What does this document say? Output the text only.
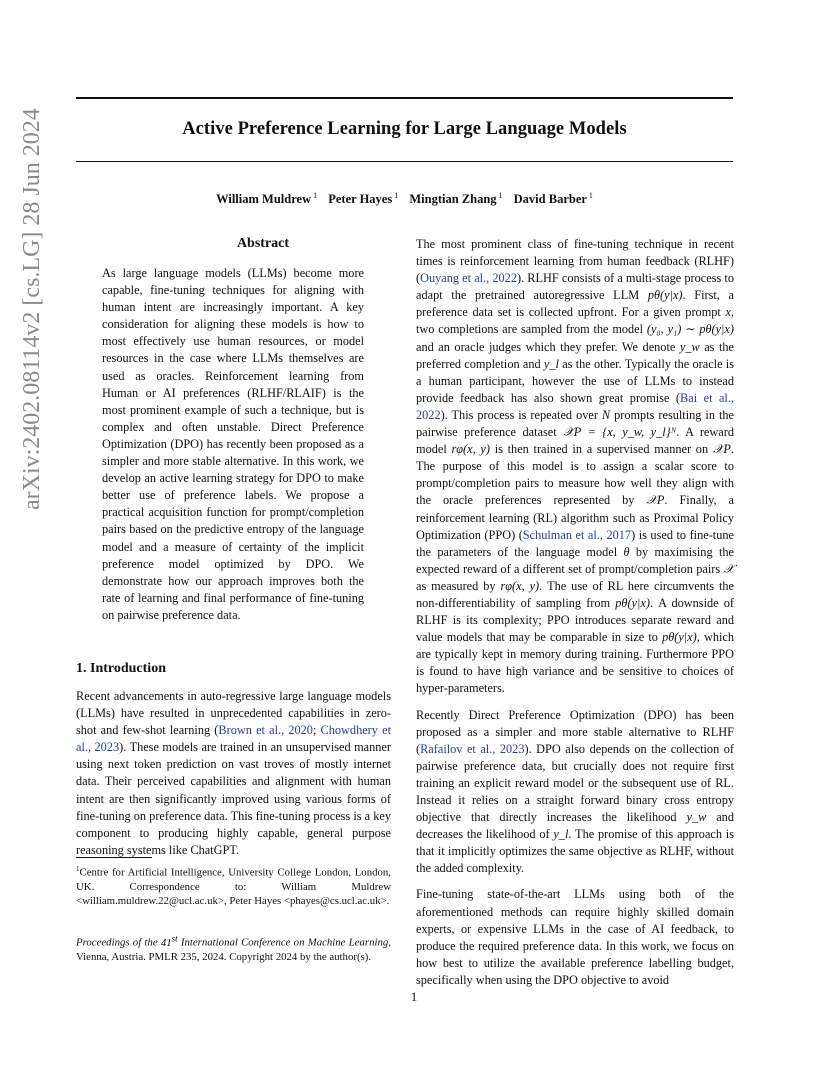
arXiv:2402.08114v2 [cs.LG] 28 Jun 2024	Active Preference Learning for Large Language Models
William Muldrew $^1$ Peter Hayes $^1$ Mingtian Zhang $^1$ David Barber $^1$
Abstract

As large language models (LLMs) become more capable, fine-tuning techniques for aligning with human intent are increasingly important. A key consideration for aligning these models is how to most effectively use human resources, or model resources in the case where LLMs themselves are used as oracles. Reinforcement learning from Human or AI preferences (RLHF/RLAIF) is the most prominent example of such a technique, but is complex and often unstable. Direct Preference Optimization (DPO) has recently been proposed as a simpler and more stable alternative. In this work, we develop an active learning strategy for DPO to make better use of preference labels. We propose a practical acquisition function for prompt/completion pairs based on the predictive entropy of the language model and a measure of certainty of the implicit preference model optimized by DPO. We demonstrate how our approach improves both the rate of learning and final performance of fine-tuning on pairwise preference data.

1. Introduction

Recent advancements in auto-regressive large language models (LLMs) have resulted in unprecedented capabilities in zero-shot and few-shot learning (Brown et al., 2020; Chowdhery et al., 2023). These models are trained in an unsupervised manner using next token prediction on vast troves of mostly internet data. Their perceived capabilities and alignment with human intent are then significantly improved using various forms of fine-tuning on preference data. This fine-tuning process is a key component to producing highly capable, general purpose reasoning systems like ChatGPT.

$^1$Centre for Artificial Intelligence, University College London, London, UK. Correspondence to: William Muldrew <william.muldrew.22@ucl.ac.uk>, Peter Hayes <phayes@cs.ucl.ac.uk>.
Proceedings of the 41st International Conference on Machine Learning, Vienna, Austria. PMLR 235, 2024. Copyright 2024 by the author(s).

The most prominent class of fine-tuning technique in recent times is reinforcement learning from human feedback (RLHF) (Ouyang et al., 2022). RLHF consists of a multi-stage process to adapt the pretrained autoregressive LLM pθ(y|x). First, a preference data set is collected upfront. For a given prompt x, two completions are sampled from the model (y₀, y₁) ∼ pθ(y|x) and an oracle judges which they prefer. We denote y_w as the preferred completion and y_l as the other. Typically the oracle is a human participant, however the use of LLMs to instead provide feedback has also shown great promise (Bai et al., 2022). This process is repeated over N prompts resulting in the pairwise preference dataset 𝒳P = {x, y_w, y_l}ᴺ. A reward model rφ(x, y) is then trained in a supervised manner on 𝒳P. The purpose of this model is to assign a scalar score to prompt/completion pairs to measure how well they align with the oracle preferences represented by 𝒳P. Finally, a reinforcement learning (RL) algorithm such as Proximal Policy Optimization (PPO) (Schulman et al., 2017) is used to fine-tune the parameters of the language model θ by maximising the expected reward of a different set of prompt/completion pairs 𝒳 as measured by rφ(x, y). The use of RL here circumvents the non-differentiability of sampling from pθ(y|x). A downside of RLHF is its complexity; PPO introduces separate reward and value models that may be comparable in size to pθ(y|x), which are typically kept in memory during training. Furthermore PPO is found to have high variance and be sensitive to choices of hyper-parameters.

Recently Direct Preference Optimization (DPO) has been proposed as a simpler and more stable alternative to RLHF (Rafailov et al., 2023). DPO also depends on the collection of pairwise preference data, but crucially does not require first training an explicit reward model or the subsequent use of RL. Instead it relies on a straight forward binary cross entropy objective that directly increases the likelihood y_w and decreases the likelihood of y_l. The promise of this approach is that it implicitly optimizes the same objective as RLHF, without the added complexity.

Fine-tuning state-of-the-art LLMs using both of the aforementioned methods can require highly skilled domain experts, or expensive LLMs in the case of AI feedback, to produce the required preference data. In this work, we focus on how best to utilize the available preference labelling budget, specifically when using the DPO objective to avoid

1
